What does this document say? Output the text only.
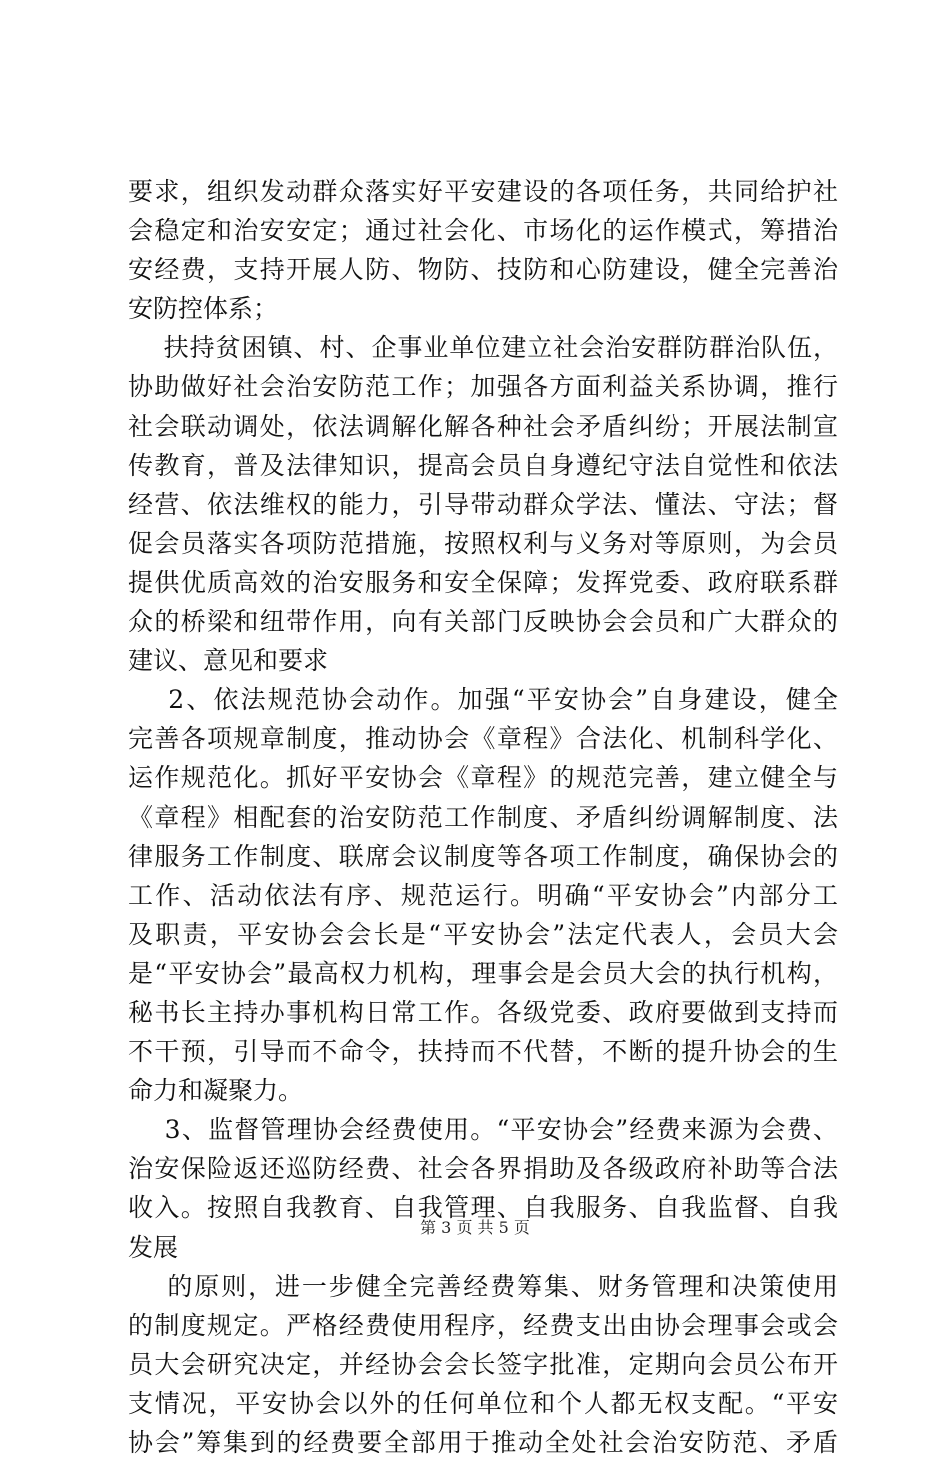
要求，组织发动群众落实好平安建设的各项任务，共同给护社
会稳定和治安安定；通过社会化、市场化的运作模式，筹措治
安经费，支持开展人防、物防、技防和心防建设，健全完善治
安防控体系；
扶持贫困镇、村、企事业单位建立社会治安群防群治队伍，
协助做好社会治安防范工作；加强各方面利益关系协调，推行
社会联动调处，依法调解化解各种社会矛盾纠纷；开展法制宣
传教育，普及法律知识，提高会员自身遵纪守法自觉性和依法
经营、依法维权的能力，引导带动群众学法、懂法、守法；督
促会员落实各项防范措施，按照权利与义务对等原则，为会员
提供优质高效的治安服务和安全保障；发挥党委、政府联系群
众的桥梁和纽带作用，向有关部门反映协会会员和广大群众的
建议、意见和要求
2、依法规范协会动作。加强“平安协会”自身建设，健全
完善各项规章制度，推动协会《章程》合法化、机制科学化、
运作规范化。抓好平安协会《章程》的规范完善，建立健全与
《章程》相配套的治安防范工作制度、矛盾纠纷调解制度、法
律服务工作制度、联席会议制度等各项工作制度，确保协会的
工作、活动依法有序、规范运行。明确“平安协会”内部分工
及职责，平安协会会长是“平安协会”法定代表人，会员大会
是“平安协会”最高权力机构，理事会是会员大会的执行机构，
秘书长主持办事机构日常工作。各级党委、政府要做到支持而
不干预，引导而不命令，扶持而不代替，不断的提升协会的生
命力和凝聚力。
3、监督管理协会经费使用。“平安协会”经费来源为会费、
治安保险返还巡防经费、社会各界捐助及各级政府补助等合法
收入。按照自我教育、自我管理、自我服务、自我监督、自我
发展
的原则，进一步健全完善经费筹集、财务管理和决策使用
的制度规定。严格经费使用程序，经费支出由协会理事会或会
员大会研究决定，并经协会会长签字批准，定期向会员公布开
支情况，平安协会以外的任何单位和个人都无权支配。“平安
协会”筹集到的经费要全部用于推动全处社会治安防范、矛盾
第 3 页 共 5 页
